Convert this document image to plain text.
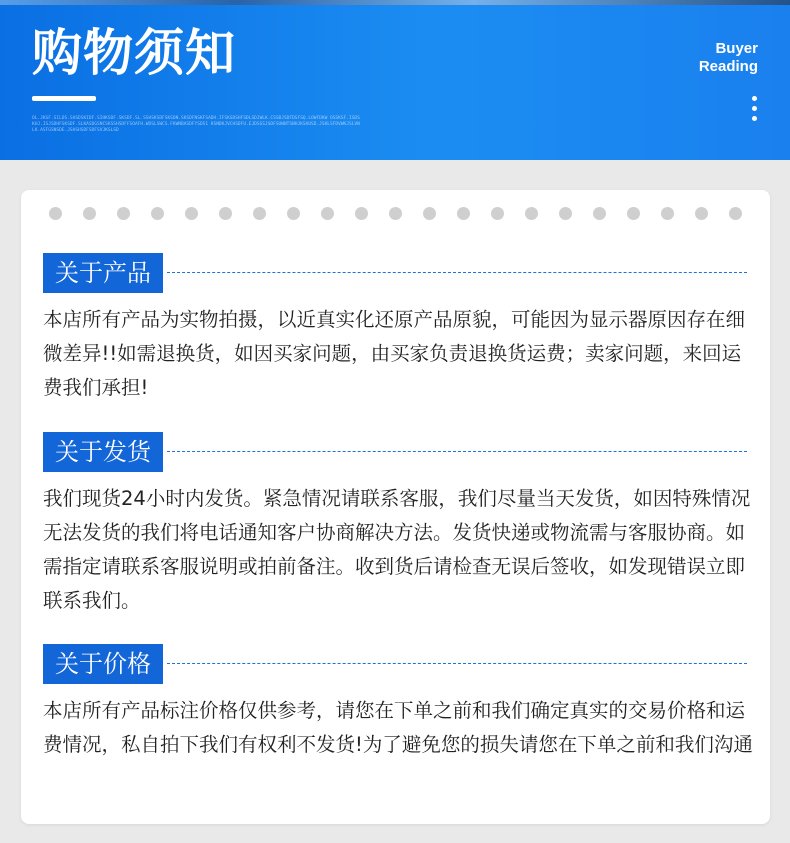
购物须知
OL.JKSF.SILDS.SHSDSKIDF.SIHKSDF.SKSDF.SL.SSHSKSDFSKSDN.SKSDFNSKFSADH.IFSKSDSHFSDLSDJWLK.CSSBJSDFDSFSQ.LOWFDKW OSSKSF.ISDSKHJ.ISJSDHFSKSDF.SLKASDGSNCSKSSHSDFFSOAFH.WDSLSWCS.FKWNBASDFYSDS1 KSNDKJVCHSDFU.EJDSGSJSDFSUWNTSNHJKSHUSD.JSKLSFDVWKJSLVNLK.ASFGSNSDE.JSHSHSDFSDFSVJKSLSD
Buyer
Reading
关于产品
本店所有产品为实物拍摄，以近真实化还原产品原貌，可能因为显示器原因存在细微差异!!如需退换货，如因买家问题，由买家负责退换货运费；卖家问题，来回运费我们承担!
关于发货
我们现货24小时内发货。紧急情况请联系客服，我们尽量当天发货，如因特殊情况无法发货的我们将电话通知客户协商解决方法。发货快递或物流需与客服协商。如需指定请联系客服说明或拍前备注。收到货后请检查无误后签收，如发现错误立即联系我们。
关于价格
本店所有产品标注价格仅供参考，请您在下单之前和我们确定真实的交易价格和运费情况，私自拍下我们有权利不发货!为了避免您的损失请您在下单之前和我们沟通
